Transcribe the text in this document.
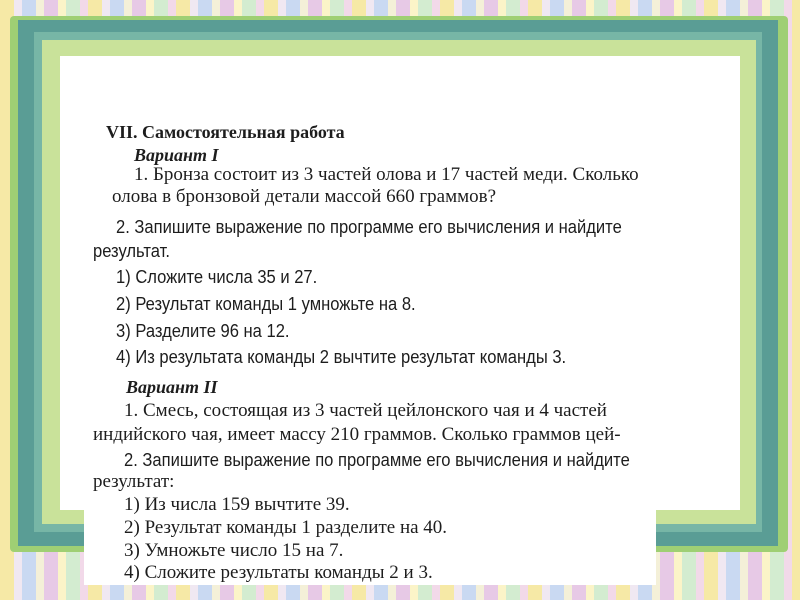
VII. Самостоятельная работа
Вариант I
1. Бронза состоит из 3 частей олова и 17 частей меди. Сколько
олова в бронзовой детали массой 660 граммов?
2. Запишите выражение по программе его вычисления и найдите
результат.
1) Сложите числа 35 и 27.
2) Результат команды 1 умножьте на 8.
3) Разделите 96 на 12.
4) Из результата команды 2 вычтите результат команды 3.
Вариант II
1. Смесь, состоящая из 3 частей цейлонского чая и 4 частей
индийского чая, имеет массу 210 граммов. Сколько граммов цей-
2. Запишите выражение по программе его вычисления и найдите
результат:
1) Из числа 159 вычтите 39.
2) Результат команды 1 разделите на 40.
3) Умножьте число 15 на 7.
4) Сложите результаты команды 2 и 3.
